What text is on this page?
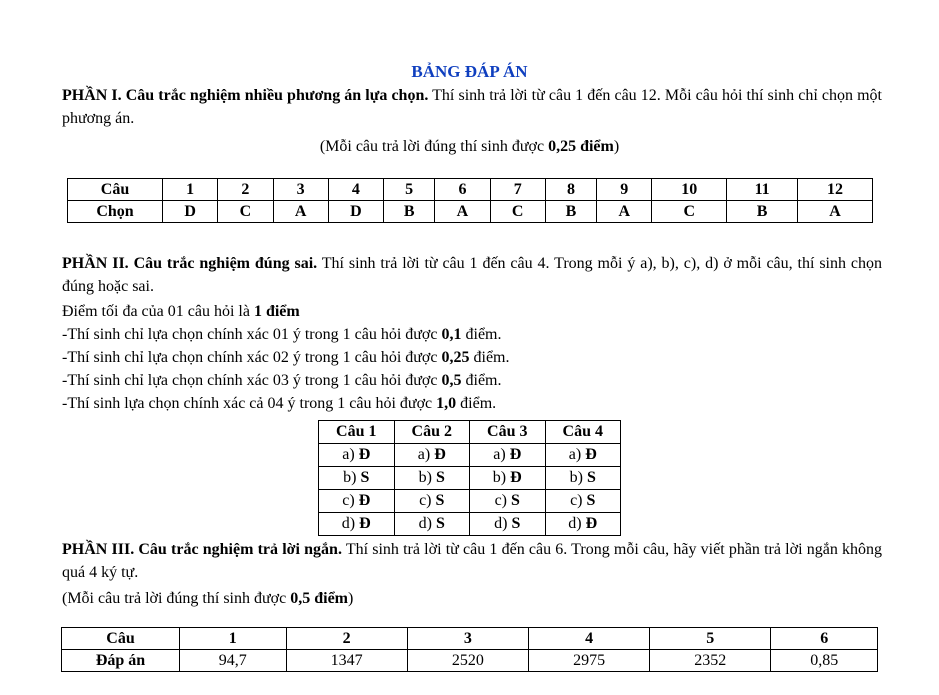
BẢNG ĐÁP ÁN
PHẦN I. Câu trắc nghiệm nhiều phương án lựa chọn. Thí sinh trả lời từ câu 1 đến câu 12. Mỗi câu hỏi thí sinh chỉ chọn một phương án.
(Mỗi câu trả lời đúng thí sinh được 0,25 điểm)
Câu	1	2	3	4	5	6	7	8	9	10	11	12
Chọn	D	C	A	D	B	A	C	B	A	C	B	A
PHẦN II. Câu trắc nghiệm đúng sai. Thí sinh trả lời từ câu 1 đến câu 4. Trong mỗi ý a), b), c), d) ở mỗi câu, thí sinh chọn đúng hoặc sai.
Điểm tối đa của 01 câu hỏi là 1 điểm
-Thí sinh chỉ lựa chọn chính xác 01 ý trong 1 câu hỏi được 0,1 điểm.
-Thí sinh chỉ lựa chọn chính xác 02 ý trong 1 câu hỏi được 0,25 điểm.
-Thí sinh chỉ lựa chọn chính xác 03 ý trong 1 câu hỏi được 0,5 điểm.
-Thí sinh lựa chọn chính xác cả 04 ý trong 1 câu hỏi được 1,0 điểm.
Câu 1	Câu 2	Câu 3	Câu 4
a) Đ	a) Đ	a) Đ	a) Đ
b) S	b) S	b) Đ	b) S
c) Đ	c) S	c) S	c) S
d) Đ	d) S	d) S	d) Đ
PHẦN III. Câu trắc nghiệm trả lời ngắn. Thí sinh trả lời từ câu 1 đến câu 6. Trong mỗi câu, hãy viết phần trả lời ngắn không quá 4 ký tự.
(Mỗi câu trả lời đúng thí sinh được 0,5 điểm)
Câu	1	2	3	4	5	6
Đáp án	94,7	1347	2520	2975	2352	0,85
